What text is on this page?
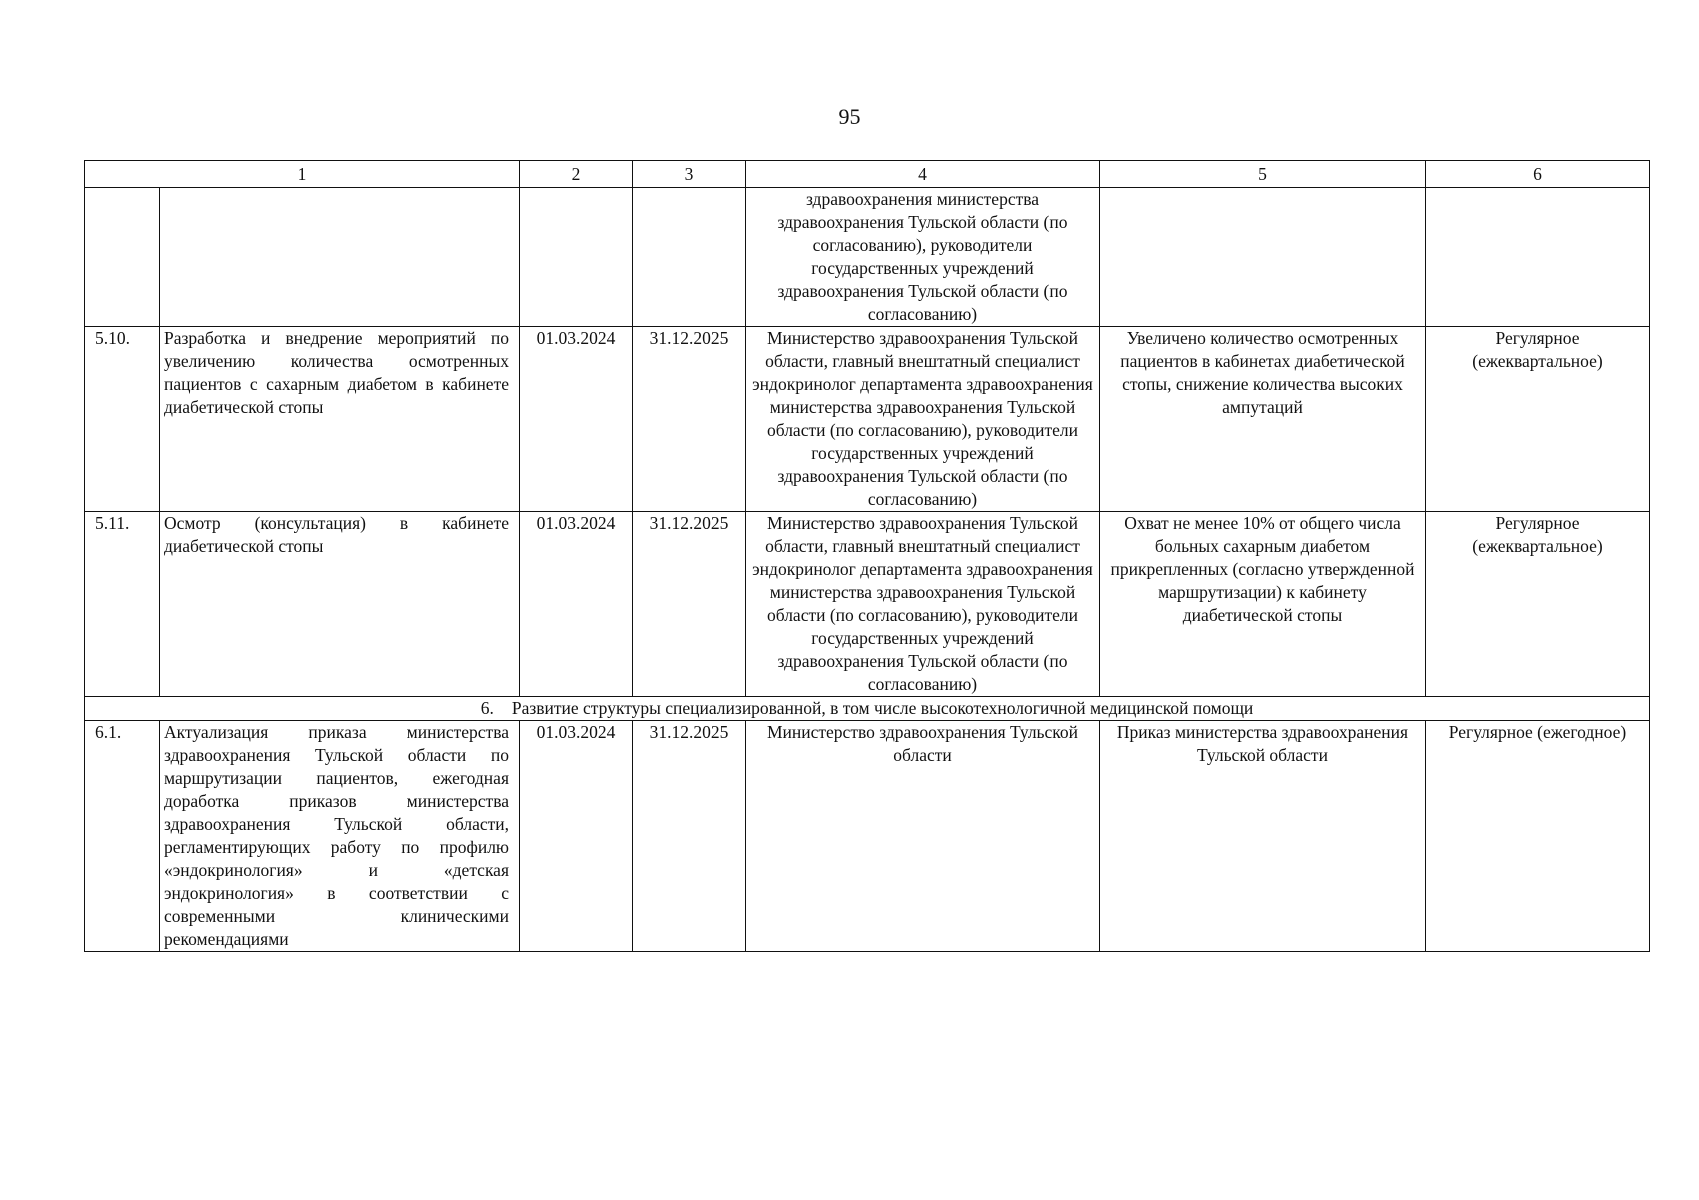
95
1		2	3	4	5	6
				здравоохранения министерства здравоохранения Тульской области (по согласованию), руководители государственных учреждений здравоохранения Тульской области (по согласованию)		
5.10.	Разработка и внедрение мероприятий по увеличению количества осмотренных пациентов с сахарным диабетом в кабинете диабетической стопы	01.03.2024	31.12.2025	Министерство здравоохранения Тульской области, главный внештатный специалист эндокринолог департамента здравоохранения министерства здравоохранения Тульской области (по согласованию), руководители государственных учреждений здравоохранения Тульской области (по согласованию)	Увеличено количество осмотренных пациентов в кабинетах диабетической стопы, снижение количества высоких ампутаций	Регулярное (ежеквартальное)
5.11.	Осмотр (консультация) в кабинете диабетической стопы	01.03.2024	31.12.2025	Министерство здравоохранения Тульской области, главный внештатный специалист эндокринолог департамента здравоохранения министерства здравоохранения Тульской области (по согласованию), руководители государственных учреждений здравоохранения Тульской области (по согласованию)	Охват не менее 10% от общего числа больных сахарным диабетом прикрепленных (согласно утвержденной маршрутизации) к кабинету диабетической стопы	Регулярное (ежеквартальное)
6. Развитие структуры специализированной, в том числе высокотехнологичной медицинской помощи						
6.1.	Актуализация приказа министерства здравоохранения Тульской области по маршрутизации пациентов, ежегодная доработка приказов министерства здравоохранения Тульской области, регламентирующих работу по профилю «эндокринология» и «детская эндокринология» в соответствии с современными клиническими рекомендациями	01.03.2024	31.12.2025	Министерство здравоохранения Тульской области	Приказ министерства здравоохранения Тульской области	Регулярное (ежегодное)
